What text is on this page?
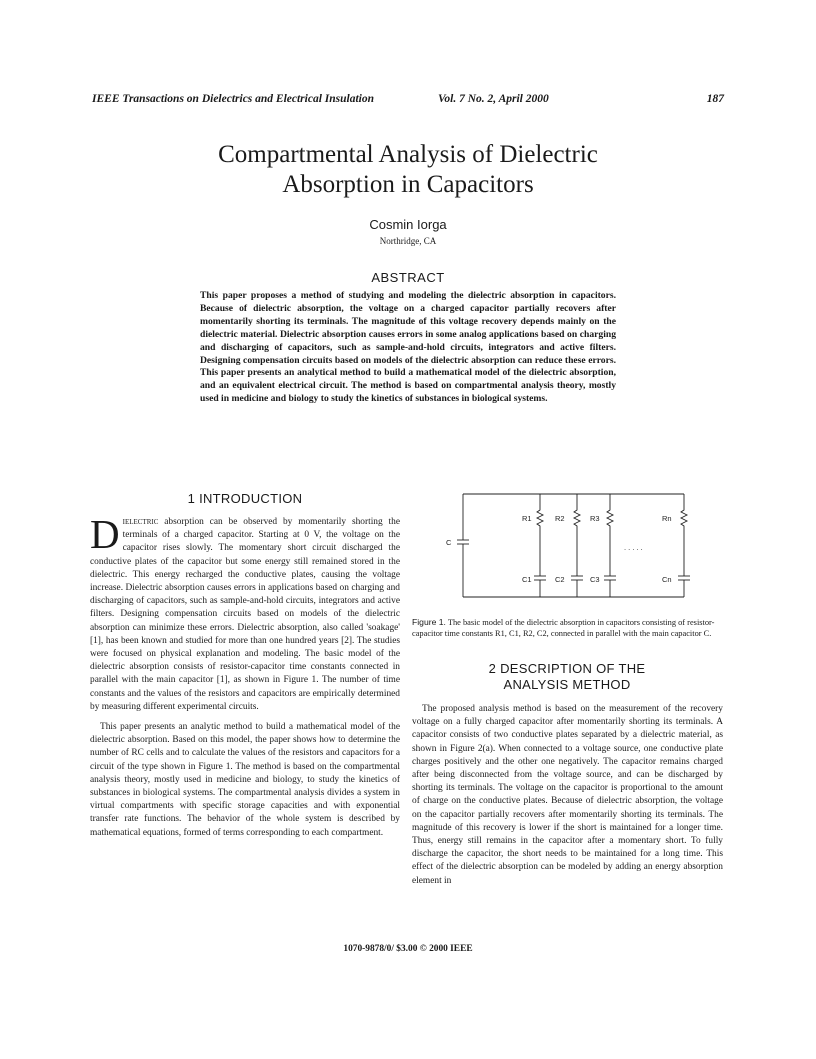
IEEE Transactions on Dielectrics and Electrical Insulation	Vol. 7 No. 2, April 2000	187
Compartmental Analysis of Dielectric
Absorption in Capacitors
Cosmin Iorga
Northridge, CA
ABSTRACT
This paper proposes a method of studying and modeling the dielectric absorption in capacitors. Because of dielectric absorption, the voltage on a charged capacitor partially recovers after momentarily shorting its terminals. The magnitude of this voltage recovery depends mainly on the dielectric material. Dielectric absorption causes errors in some analog applications based on charging and discharging of capacitors, such as sample-and-hold circuits, integrators and active filters. Designing compensation circuits based on models of the dielectric absorption can reduce these errors. This paper presents an analytical method to build a mathematical model of the dielectric absorption, and an equivalent electrical circuit. The method is based on compartmental analysis theory, mostly used in medicine and biology to study the kinetics of substances in biological systems.
1 INTRODUCTION

Dielectric absorption can be observed by momentarily shorting the terminals of a charged capacitor. Starting at 0 V, the voltage on the capacitor rises slowly. The momentary short circuit discharged the conductive plates of the capacitor but some energy still remained stored in the dielectric. This energy recharged the conductive plates, causing the voltage increase. Dielectric absorption causes errors in applications based on charging and discharging of capacitors, such as sample-and-hold circuits, integrators and active filters. Designing compensation circuits based on models of the dielectric absorption can minimize these errors. Dielectric absorption, also called 'soakage' [1], has been known and studied for more than one hundred years [2]. The studies were focused on physical explanation and modeling. The basic model of the dielectric absorption consists of resistor-capacitor time constants connected in parallel with the main capacitor [1], as shown in Figure 1. The number of time constants and the values of the resistors and capacitors are empirically determined by measuring different experimental circuits.

This paper presents an analytic method to build a mathematical model of the dielectric absorption. Based on this model, the paper shows how to determine the number of RC cells and to calculate the values of the resistors and capacitors for a circuit of the type shown in Figure 1. The method is based on the compartmental analysis theory, mostly used in medicine and biology, to study the kinetics of substances in biological systems. The compartmental analysis divides a system in virtual compartments with specific storage capacities and with exponential transfer rate functions. The behavior of the whole system is described by mathematical equations, formed of terms corresponding to each compartment.

C
R1	R2	R3	Rn
C1	C2	C3	Cn
. . . . .
Figure 1. The basic model of the dielectric absorption in capacitors consisting of resistor-capacitor time constants R1, C1, R2, C2, connected in parallel with the main capacitor C.
2 DESCRIPTION OF THE
ANALYSIS METHOD

The proposed analysis method is based on the measurement of the recovery voltage on a fully charged capacitor after momentarily shorting its terminals. A capacitor consists of two conductive plates separated by a dielectric material, as shown in Figure 2(a). When connected to a voltage source, one conductive plate charges positively and the other one negatively. The capacitor remains charged after being disconnected from the voltage source, and can be discharged by shorting its terminals. The voltage on the capacitor is proportional to the amount of charge on the conductive plates. Because of dielectric absorption, the voltage on the capacitor partially recovers after momentarily shorting its terminals. The magnitude of this recovery is lower if the short is maintained for a longer time. Thus, energy still remains in the capacitor after a momentary short. To fully discharge the capacitor, the short needs to be maintained for a long time. This effect of the dielectric absorption can be modeled by adding an energy absorption element in

1070-9878/0/ $3.00 © 2000 IEEE
